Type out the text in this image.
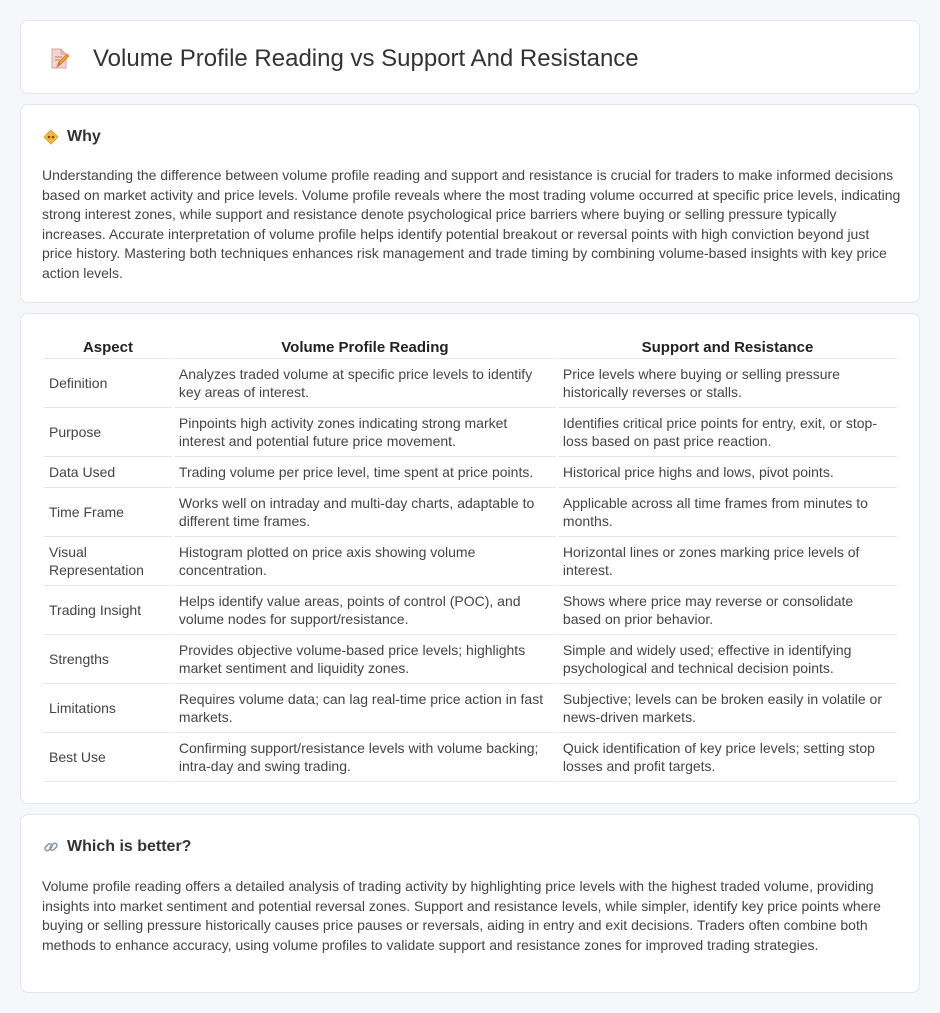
Volume Profile Reading vs Support And Resistance
Why

Understanding the difference between volume profile reading and support and resistance is crucial for traders to make informed decisions based on market activity and price levels. Volume profile reveals where the most trading volume occurred at specific price levels, indicating strong interest zones, while support and resistance denote psychological price barriers where buying or selling pressure typically increases. Accurate interpretation of volume profile helps identify potential breakout or reversal points with high conviction beyond just price history. Mastering both techniques enhances risk management and trade timing by combining volume-based insights with key price action levels.

Aspect	Volume Profile Reading	Support and Resistance
Definition	Analyzes traded volume at specific price levels to identify key areas of interest.	Price levels where buying or selling pressure historically reverses or stalls.
Purpose	Pinpoints high activity zones indicating strong market interest and potential future price movement.	Identifies critical price points for entry, exit, or stop-loss based on past price reaction.
Data Used	Trading volume per price level, time spent at price points.	Historical price highs and lows, pivot points.
Time Frame	Works well on intraday and multi-day charts, adaptable to different time frames.	Applicable across all time frames from minutes to months.
Visual Representation	Histogram plotted on price axis showing volume concentration.	Horizontal lines or zones marking price levels of interest.
Trading Insight	Helps identify value areas, points of control (POC), and volume nodes for support/resistance.	Shows where price may reverse or consolidate based on prior behavior.
Strengths	Provides objective volume-based price levels; highlights market sentiment and liquidity zones.	Simple and widely used; effective in identifying psychological and technical decision points.
Limitations	Requires volume data; can lag real-time price action in fast markets.	Subjective; levels can be broken easily in volatile or news-driven markets.
Best Use	Confirming support/resistance levels with volume backing; intra-day and swing trading.	Quick identification of key price levels; setting stop losses and profit targets.
Which is better?

Volume profile reading offers a detailed analysis of trading activity by highlighting price levels with the highest traded volume, providing insights into market sentiment and potential reversal zones. Support and resistance levels, while simpler, identify key price points where buying or selling pressure historically causes price pauses or reversals, aiding in entry and exit decisions. Traders often combine both methods to enhance accuracy, using volume profiles to validate support and resistance zones for improved trading strategies.
